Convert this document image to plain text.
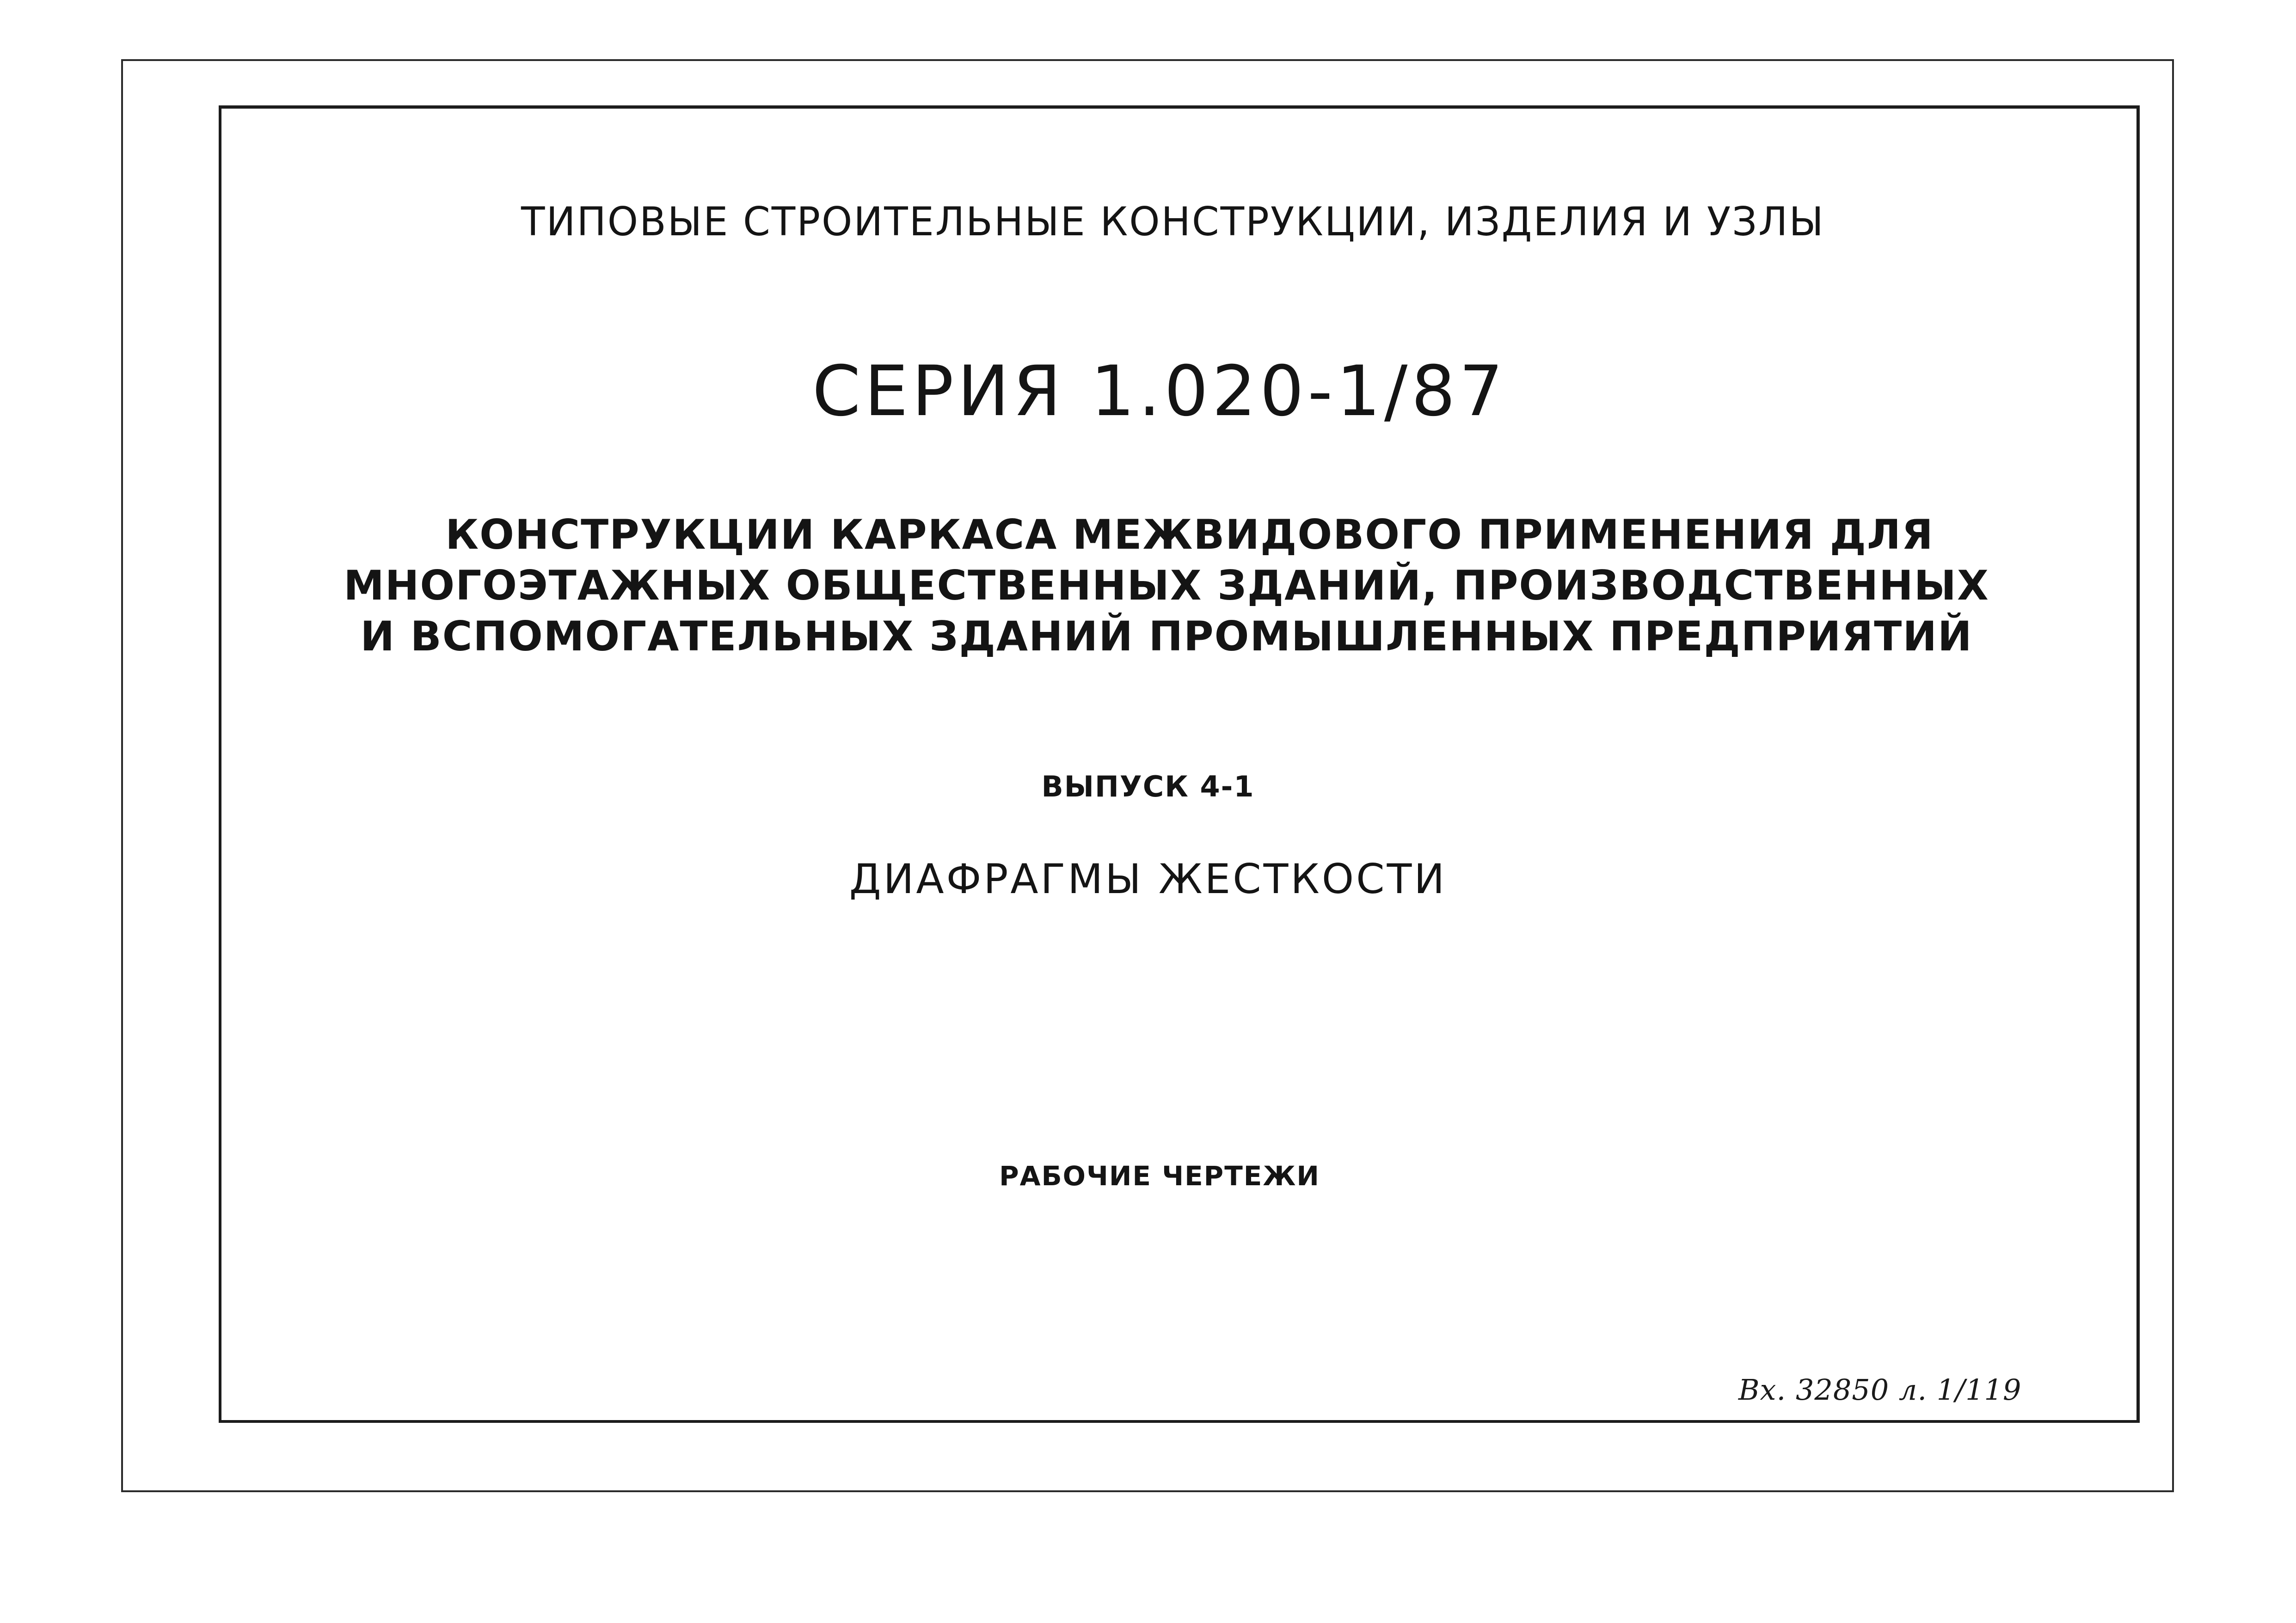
ТИПОВЫЕ СТРОИТЕЛЬНЫЕ КОНСТРУКЦИИ, ИЗДЕЛИЯ И УЗЛЫ
СЕРИЯ 1.020-1/87
КОНСТРУКЦИИ КАРКАСА МЕЖВИДОВОГО ПРИМЕНЕНИЯ ДЛЯ
МНОГОЭТАЖНЫХ ОБЩЕСТВЕННЫХ ЗДАНИЙ, ПРОИЗВОДСТВЕННЫХ
И ВСПОМОГАТЕЛЬНЫХ ЗДАНИЙ ПРОМЫШЛЕННЫХ ПРЕДПРИЯТИЙ
ВЫПУСК 4-1
ДИАФРАГМЫ ЖЕСТКОСТИ
РАБОЧИЕ ЧЕРТЕЖИ
Вх. 32850 л. 1/119
